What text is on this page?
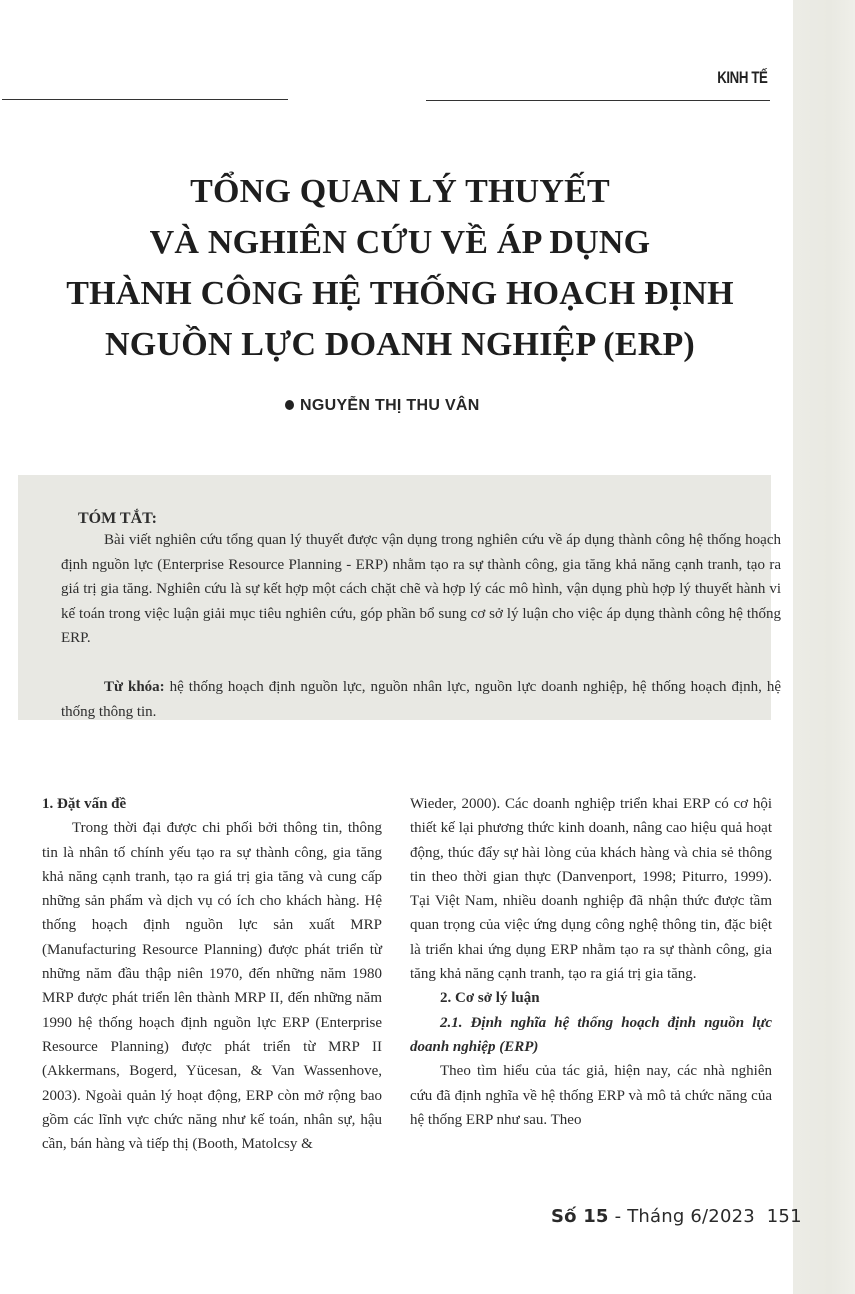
KINH TẾ
TỔNG QUAN LÝ THUYẾT
VÀ NGHIÊN CỨU VỀ ÁP DỤNG
THÀNH CÔNG HỆ THỐNG HOẠCH ĐỊNH
NGUỒN LỰC DOANH NGHIỆP (ERP)
NGUYỄN THỊ THU VÂN
TÓM TẮT:
Bài viết nghiên cứu tổng quan lý thuyết được vận dụng trong nghiên cứu về áp dụng thành công hệ thống hoạch định nguồn lực (Enterprise Resource Planning - ERP) nhằm tạo ra sự thành công, gia tăng khả năng cạnh tranh, tạo ra giá trị gia tăng. Nghiên cứu là sự kết hợp một cách chặt chẽ và hợp lý các mô hình, vận dụng phù hợp lý thuyết hành vi kế toán trong việc luận giải mục tiêu nghiên cứu, góp phần bổ sung cơ sở lý luận cho việc áp dụng thành công hệ thống ERP.
Từ khóa: hệ thống hoạch định nguồn lực, nguồn nhân lực, nguồn lực doanh nghiệp, hệ thống hoạch định, hệ thống thông tin.

1. Đặt vấn đề

Trong thời đại được chi phối bởi thông tin, thông tin là nhân tố chính yếu tạo ra sự thành công, gia tăng khả năng cạnh tranh, tạo ra giá trị gia tăng và cung cấp những sản phẩm và dịch vụ có ích cho khách hàng. Hệ thống hoạch định nguồn lực sản xuất MRP (Manufacturing Resource Planning) được phát triển từ những năm đầu thập niên 1970, đến những năm 1980 MRP được phát triển lên thành MRP II, đến những năm 1990 hệ thống hoạch định nguồn lực ERP (Enterprise Resource Planning) được phát triển từ MRP II (Akkermans, Bogerd, Yücesan, & Van Wassenhove, 2003). Ngoài quản lý hoạt động, ERP còn mở rộng bao gồm các lĩnh vực chức năng như kế toán, nhân sự, hậu cần, bán hàng và tiếp thị (Booth, Matolcsy &

Wieder, 2000). Các doanh nghiệp triển khai ERP có cơ hội thiết kế lại phương thức kinh doanh, nâng cao hiệu quả hoạt động, thúc đẩy sự hài lòng của khách hàng và chia sẻ thông tin theo thời gian thực (Danvenport, 1998; Piturro, 1999). Tại Việt Nam, nhiều doanh nghiệp đã nhận thức được tầm quan trọng của việc ứng dụng công nghệ thông tin, đặc biệt là triển khai ứng dụng ERP nhằm tạo ra sự thành công, gia tăng khả năng cạnh tranh, tạo ra giá trị gia tăng.

2. Cơ sở lý luận

2.1. Định nghĩa hệ thống hoạch định nguồn lực doanh nghiệp (ERP)

Theo tìm hiểu của tác giả, hiện nay, các nhà nghiên cứu đã định nghĩa về hệ thống ERP và mô tả chức năng của hệ thống ERP như sau. Theo

Số 15 - Tháng 6/2023 151
